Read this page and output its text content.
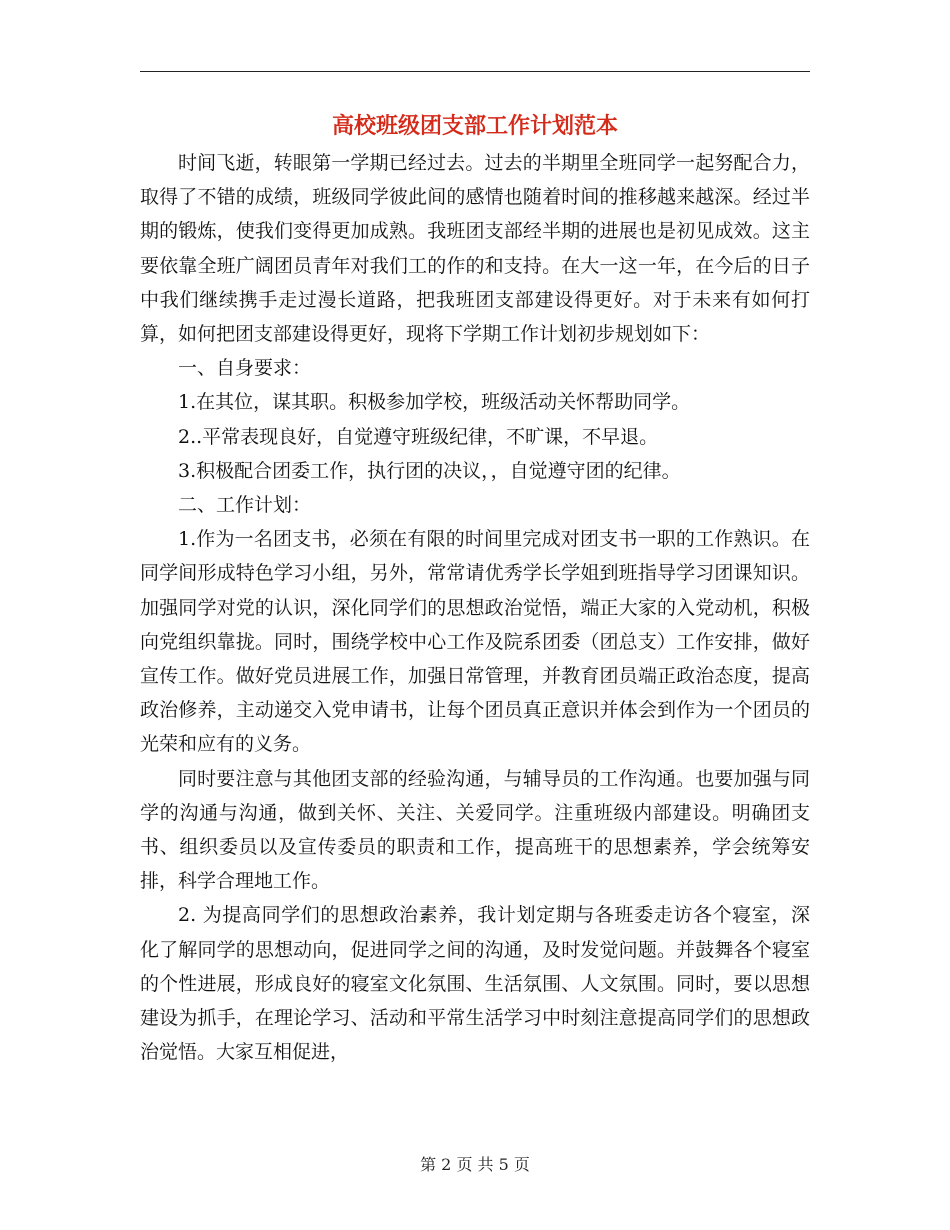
高校班级团支部工作计划范本

时间飞逝，转眼第一学期已经过去。过去的半期里全班同学一起努配合力，取得了不错的成绩，班级同学彼此间的感情也随着时间的推移越来越深。经过半期的锻炼，使我们变得更加成熟。我班团支部经半期的进展也是初见成效。这主要依靠全班广阔团员青年对我们工的作的和支持。在大一这一年，在今后的日子中我们继续携手走过漫长道路，把我班团支部建设得更好。对于未来有如何打算，如何把团支部建设得更好，现将下学期工作计划初步规划如下：

一、自身要求：

1.在其位，谋其职。积极参加学校，班级活动关怀帮助同学。

2..平常表现良好，自觉遵守班级纪律，不旷课，不早退。

3.积极配合团委工作，执行团的决议，，自觉遵守团的纪律。

二、工作计划：

1.作为一名团支书，必须在有限的时间里完成对团支书一职的工作熟识。在同学间形成特色学习小组，另外，常常请优秀学长学姐到班指导学习团课知识。加强同学对党的认识，深化同学们的思想政治觉悟，端正大家的入党动机，积极向党组织靠拢。同时，围绕学校中心工作及院系团委（团总支）工作安排，做好宣传工作。做好党员进展工作，加强日常管理，并教育团员端正政治态度，提高政治修养，主动递交入党申请书，让每个团员真正意识并体会到作为一个团员的光荣和应有的义务。

同时要注意与其他团支部的经验沟通，与辅导员的工作沟通。也要加强与同学的沟通与沟通，做到关怀、关注、关爱同学。注重班级内部建设。明确团支书、组织委员以及宣传委员的职责和工作，提高班干的思想素养，学会统筹安排，科学合理地工作。

2. 为提高同学们的思想政治素养，我计划定期与各班委走访各个寝室，深化了解同学的思想动向，促进同学之间的沟通，及时发觉问题。并鼓舞各个寝室的个性进展，形成良好的寝室文化氛围、生活氛围、人文氛围。同时，要以思想建设为抓手，在理论学习、活动和平常生活学习中时刻注意提高同学们的思想政治觉悟。大家互相促进，

第 2 页 共 5 页
